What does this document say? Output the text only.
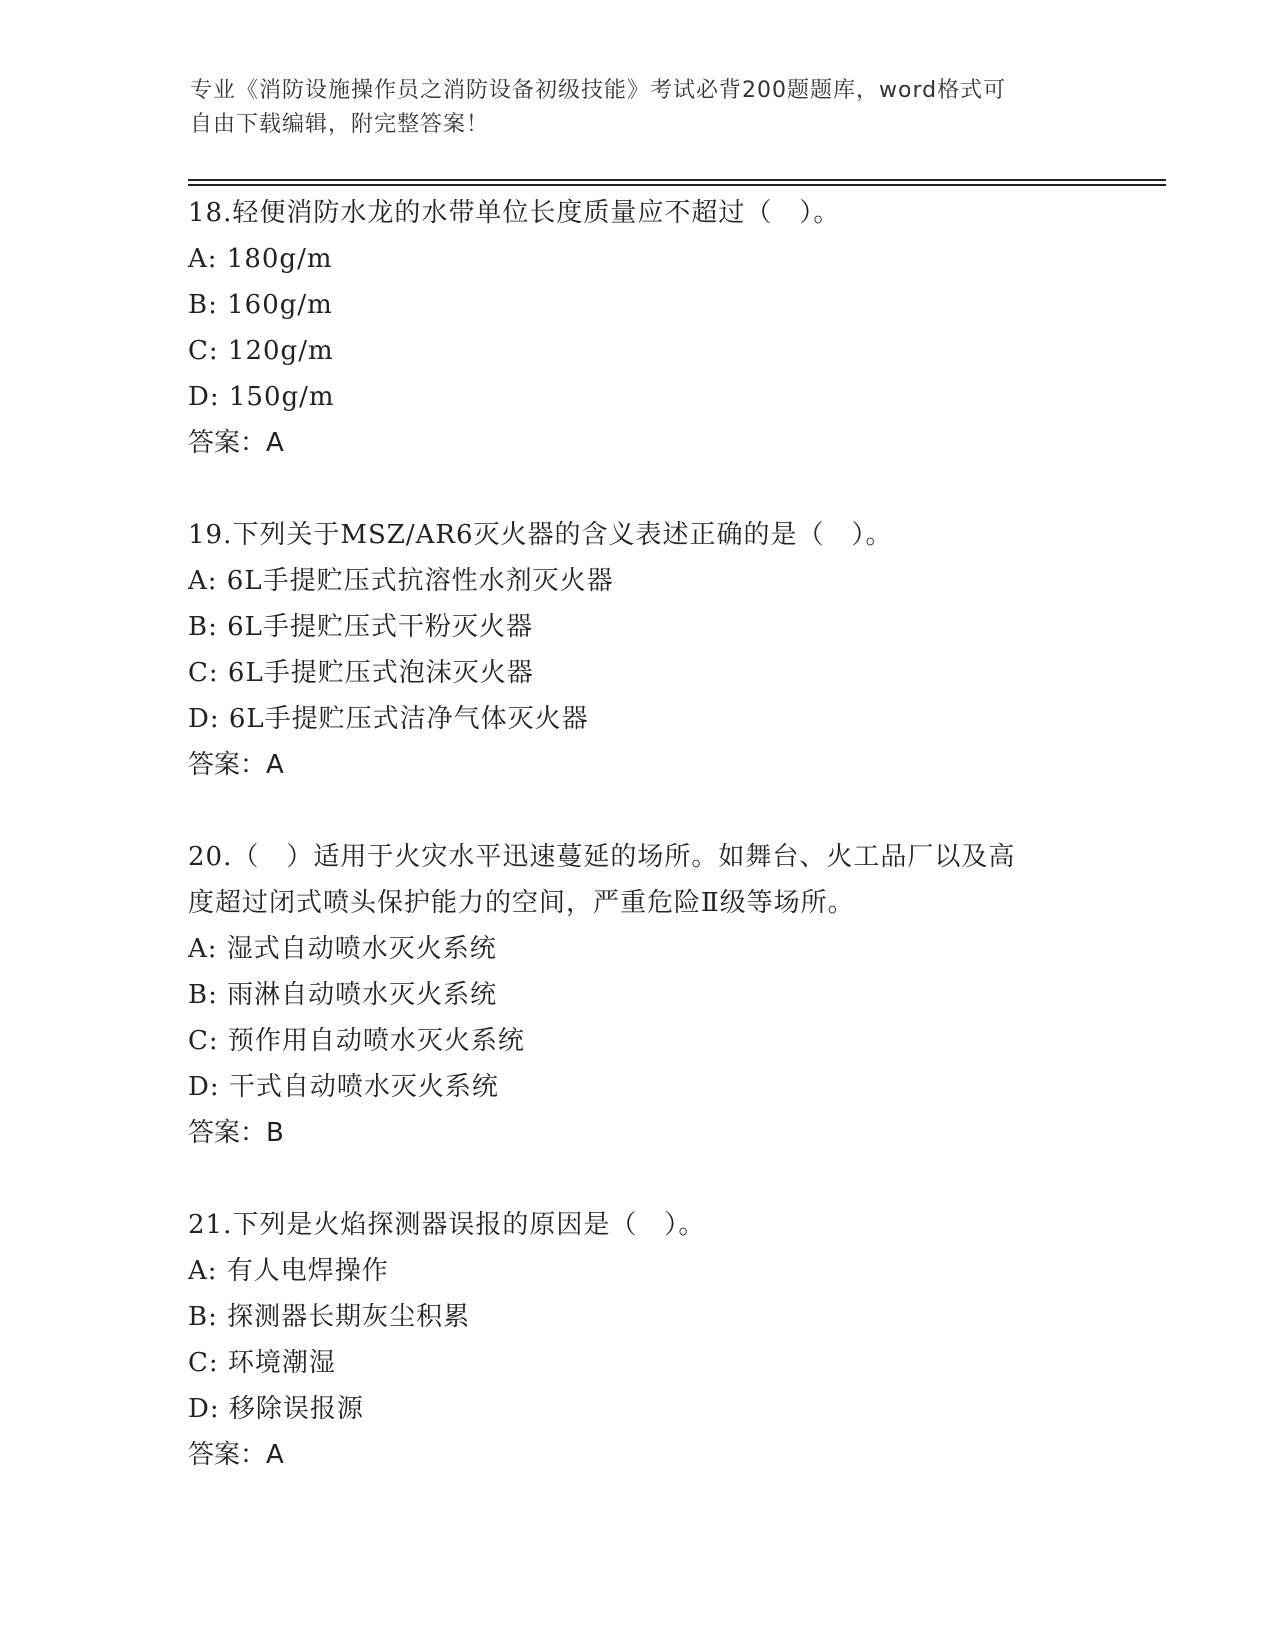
专业《消防设施操作员之消防设备初级技能》考试必背200题题库，word格式可
自由下载编辑，附完整答案！
18.轻便消防水龙的水带单位长度质量应不超过（　）。
A: 180g/m
B: 160g/m
C: 120g/m
D: 150g/m
答案：A
19.下列关于MSZ/AR6灭火器的含义表述正确的是（　）。
A: 6L手提贮压式抗溶性水剂灭火器
B: 6L手提贮压式干粉灭火器
C: 6L手提贮压式泡沫灭火器
D: 6L手提贮压式洁净气体灭火器
答案：A
20.（　）适用于火灾水平迅速蔓延的场所。如舞台、火工品厂以及高
度超过闭式喷头保护能力的空间，严重危险Ⅱ级等场所。
A: 湿式自动喷水灭火系统
B: 雨淋自动喷水灭火系统
C: 预作用自动喷水灭火系统
D: 干式自动喷水灭火系统
答案：B
21.下列是火焰探测器误报的原因是（　）。
A: 有人电焊操作
B: 探测器长期灰尘积累
C: 环境潮湿
D: 移除误报源
答案：A
